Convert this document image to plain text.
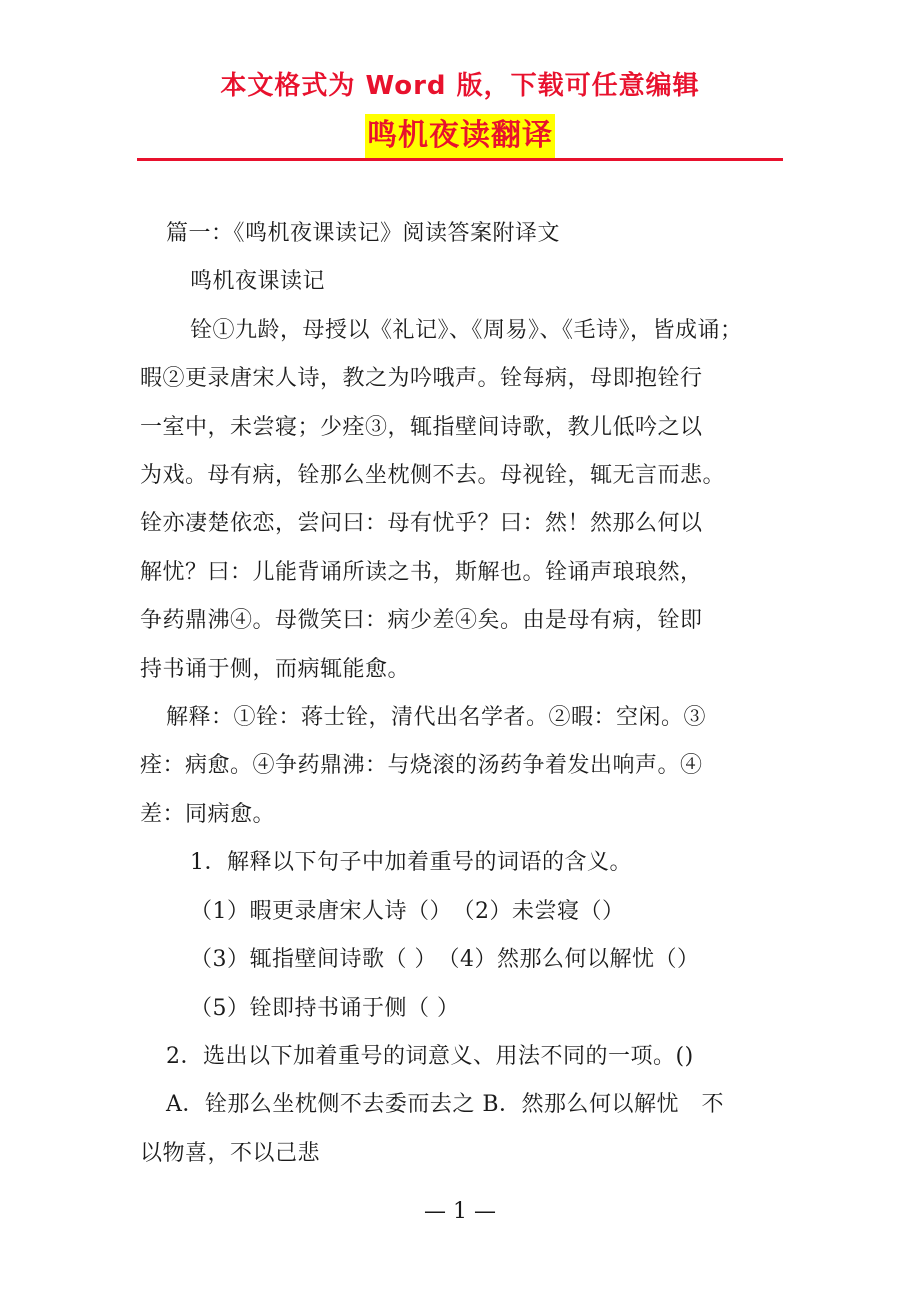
本文格式为 Word 版，下载可任意编辑
鸣机夜读翻译

篇一：《鸣机夜课读记》阅读答案附译文

鸣机夜课读记

铨①九龄，母授以《礼记》、《周易》、《毛诗》，皆成诵；

暇②更录唐宋人诗，教之为吟哦声。铨每病，母即抱铨行

一室中，未尝寝；少痊③，辄指壁间诗歌，教儿低吟之以

为戏。母有病，铨那么坐枕侧不去。母视铨，辄无言而悲。

铨亦凄楚依恋，尝问曰：母有忧乎？曰：然！然那么何以

解忧？曰：儿能背诵所读之书，斯解也。铨诵声琅琅然，

争药鼎沸④。母微笑曰：病少差④矣。由是母有病，铨即

持书诵于侧，而病辄能愈。

解释：①铨：蒋士铨，清代出名学者。②暇：空闲。③

痊：病愈。④争药鼎沸：与烧滚的汤药争着发出响声。④

差：同病愈。

1．解释以下句子中加着重号的词语的含义。

（1）暇更录唐宋人诗（）　（2）未尝寝（）

（3）辄指壁间诗歌（ ）　（4）然那么何以解忧（）

（5）铨即持书诵于侧（ ）

2．选出以下加着重号的词意义、用法不同的一项。()

A．铨那么坐枕侧不去委而去之 B．然那么何以解忧　不

以物喜，不以己悲

— 1 —
